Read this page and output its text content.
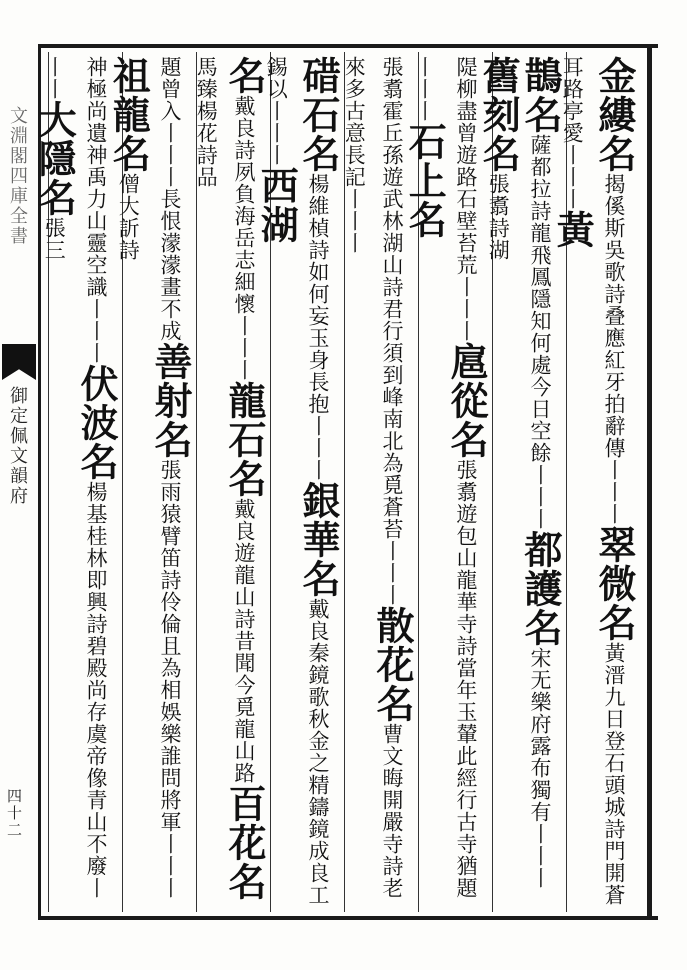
文淵閣四庫全書
御定佩文韻府
四十二
金縷名揭傒斯吳歌詩叠應紅牙拍辭傳丨丨丨翠微名黃溍九日登石頭城詩門開蒼耳路亭愛丨丨丨黃
鵲名薩都拉詩龍飛鳳隱知何處今日空餘丨丨丨都護名宋无樂府露布獨有丨丨丨舊刻名張翥詩湖
隄柳盡曾遊路石壁苔荒丨丨丨扈從名張翥遊包山龍華寺詩當年玉輦此經行古寺猶題丨丨丨石上名
張翥霍丘孫遊武林湖山詩君行須到峰南北為覓蒼苔丨丨丨散花名曹文晦開嚴寺詩老來多古意長記丨丨丨
碏石名楊維楨詩如何妄玉身長抱丨丨丨銀華名戴良秦鏡歌秋金之精鑄鏡成良工錫以丨丨丨西湖
名戴良詩夙負海岳志細懷丨丨丨龍石名戴良遊龍山詩昔聞今覓龍山路百花名馬臻楊花詩品
題曾入丨丨丨長恨濛濛畫不成善射名張雨猿臂笛詩伶倫且為相娛樂誰問將軍丨丨丨祖龍名僧大訢詩
神極尚遺神禹力山靈空識丨丨丨伏波名楊基桂林即興詩碧殿尚存虞帝像青山不廢丨丨丨大隱名張三
